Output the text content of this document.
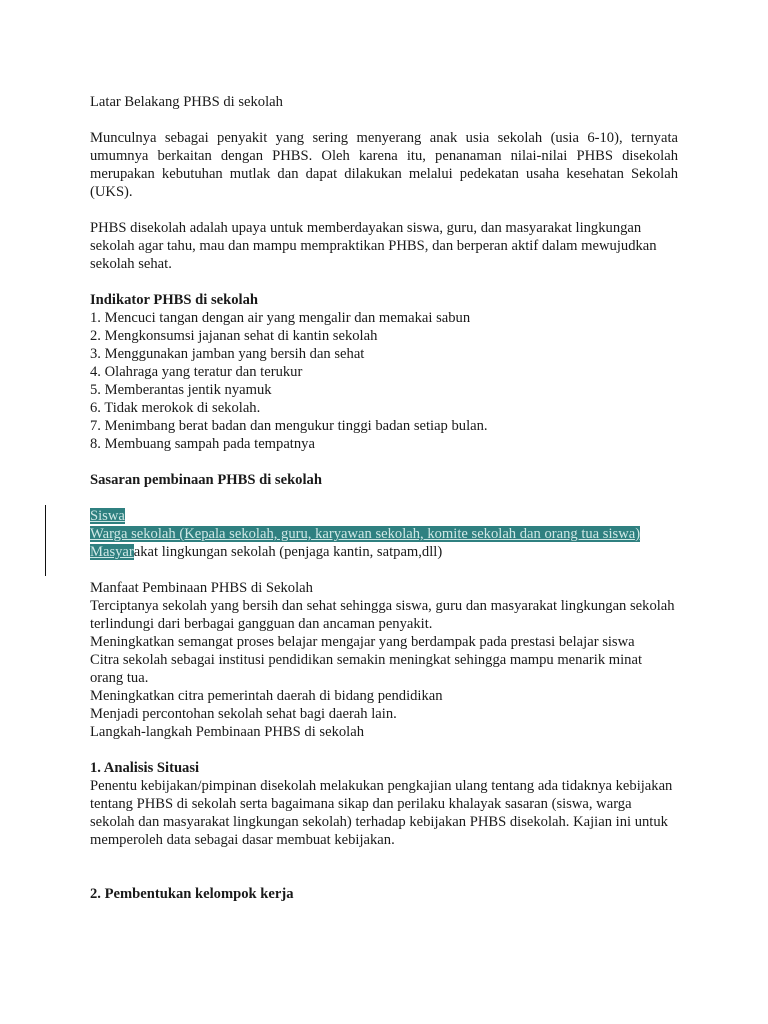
Latar Belakang PHBS di sekolah

Munculnya sebagai penyakit yang sering menyerang anak usia sekolah (usia 6-10), ternyata umumnya berkaitan dengan PHBS. Oleh karena itu, penanaman nilai-nilai PHBS disekolah merupakan kebutuhan mutlak dan dapat dilakukan melalui pedekatan usaha kesehatan Sekolah (UKS).

PHBS disekolah adalah upaya untuk memberdayakan siswa, guru, dan masyarakat lingkungan sekolah agar tahu, mau dan mampu mempraktikan PHBS, dan berperan aktif dalam mewujudkan sekolah sehat.

Indikator PHBS di sekolah

1. Mencuci tangan dengan air yang mengalir dan memakai sabun

2. Mengkonsumsi jajanan sehat di kantin sekolah

3. Menggunakan jamban yang bersih dan sehat

4. Olahraga yang teratur dan terukur

5. Memberantas jentik nyamuk

6. Tidak merokok di sekolah.

7. Menimbang berat badan dan mengukur tinggi badan setiap bulan.

8. Membuang sampah pada tempatnya

Sasaran pembinaan PHBS di sekolah

Siswa

Warga sekolah (Kepala sekolah, guru, karyawan sekolah, komite sekolah dan orang tua siswa)

Masyarakat lingkungan sekolah (penjaga kantin, satpam,dll)

Manfaat Pembinaan PHBS di Sekolah

Terciptanya sekolah yang bersih dan sehat sehingga siswa, guru dan masyarakat lingkungan sekolah terlindungi dari berbagai gangguan dan ancaman penyakit.

Meningkatkan semangat proses belajar mengajar yang berdampak pada prestasi belajar siswa

Citra sekolah sebagai institusi pendidikan semakin meningkat sehingga mampu menarik minat orang tua.

Meningkatkan citra pemerintah daerah di bidang pendidikan

Menjadi percontohan sekolah sehat bagi daerah lain.

Langkah-langkah Pembinaan PHBS di sekolah

1. Analisis Situasi

Penentu kebijakan/pimpinan disekolah melakukan pengkajian ulang tentang ada tidaknya kebijakan tentang PHBS di sekolah serta bagaimana sikap dan perilaku khalayak sasaran (siswa, warga sekolah dan masyarakat lingkungan sekolah) terhadap kebijakan PHBS disekolah. Kajian ini untuk memperoleh data sebagai dasar membuat kebijakan.

2. Pembentukan kelompok kerja
